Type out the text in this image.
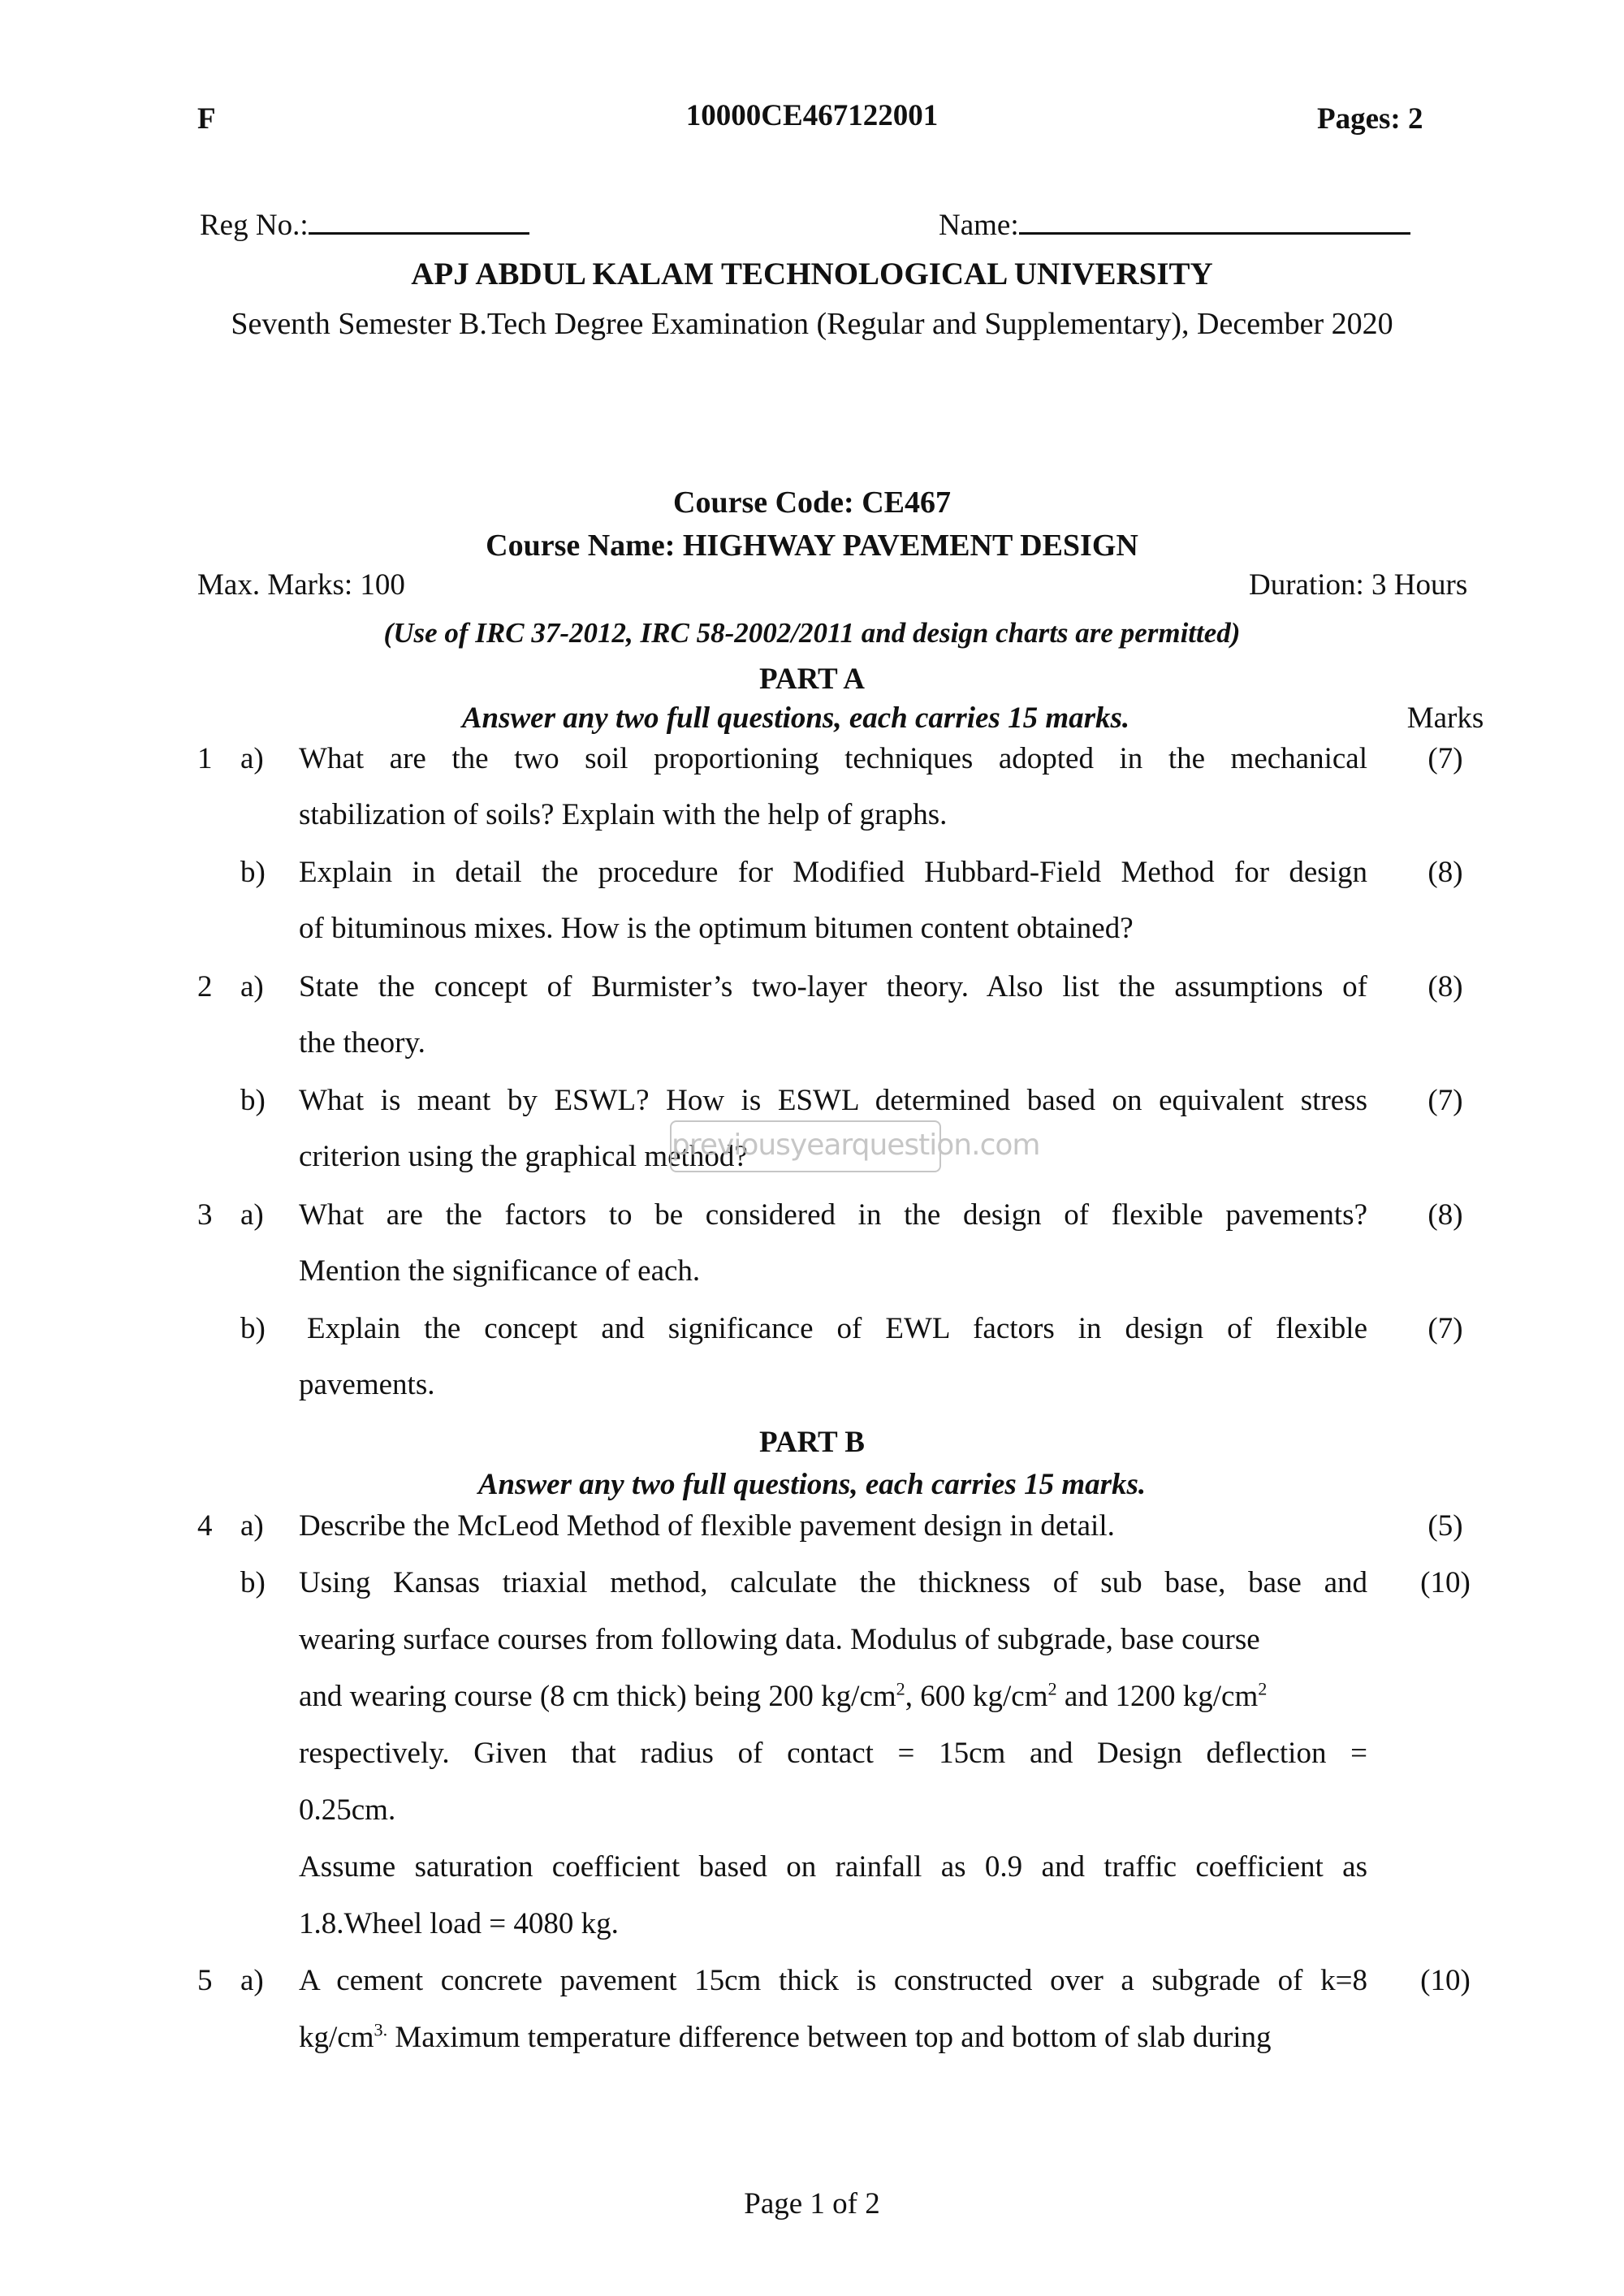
F	10000CE467122001	Pages: 2
Reg No.:	Name:
APJ ABDUL KALAM TECHNOLOGICAL UNIVERSITY
Seventh Semester B.Tech Degree Examination (Regular and Supplementary), December 2020
Course Code: CE467
Course Name: HIGHWAY PAVEMENT DESIGN
Max. Marks: 100	Duration: 3 Hours
(Use of IRC 37-2012, IRC 58-2002/2011 and design charts are permitted)
PART A
Answer any two full questions, each carries 15 marks.	Marks
1 a) What are the two soil proportioning techniques adopted in the mechanical	(7)
stabilization of soils? Explain with the help of graphs.
b) Explain in detail the procedure for Modified Hubbard-Field Method for design	(8)
of bituminous mixes. How is the optimum bitumen content obtained?
2 a) State the concept of Burmister’s two-layer theory. Also list the assumptions of	(8)
the theory.
b) What is meant by ESWL? How is ESWL determined based on equivalent stress	(7)
criterion using the graphical method?
previousyearquestion.com
3 a) What are the factors to be considered in the design of flexible pavements?	(8)
Mention the significance of each.
b) Explain the concept and significance of EWL factors in design of flexible	(7)
pavements.
PART B
Answer any two full questions, each carries 15 marks.
4 a) Describe the McLeod Method of flexible pavement design in detail.	(5)
b) Using Kansas triaxial method, calculate the thickness of sub base, base and	(10)
wearing surface courses from following data. Modulus of subgrade, base course
and wearing course (8 cm thick) being 200 $kg/cm^2$, 600 $kg/cm^2$ and 1200 $kg/cm^2$
respectively. Given that radius of contact = 15cm and Design deflection =
0.25cm.
Assume saturation coefficient based on rainfall as 0.9 and traffic coefficient as
1.8.Wheel load = 4080 kg.
5 a) A cement concrete pavement 15cm thick is constructed over a subgrade of k=8	(10)
$kg/cm^{3.}$ Maximum temperature difference between top and bottom of slab during
Page 1 of 2
